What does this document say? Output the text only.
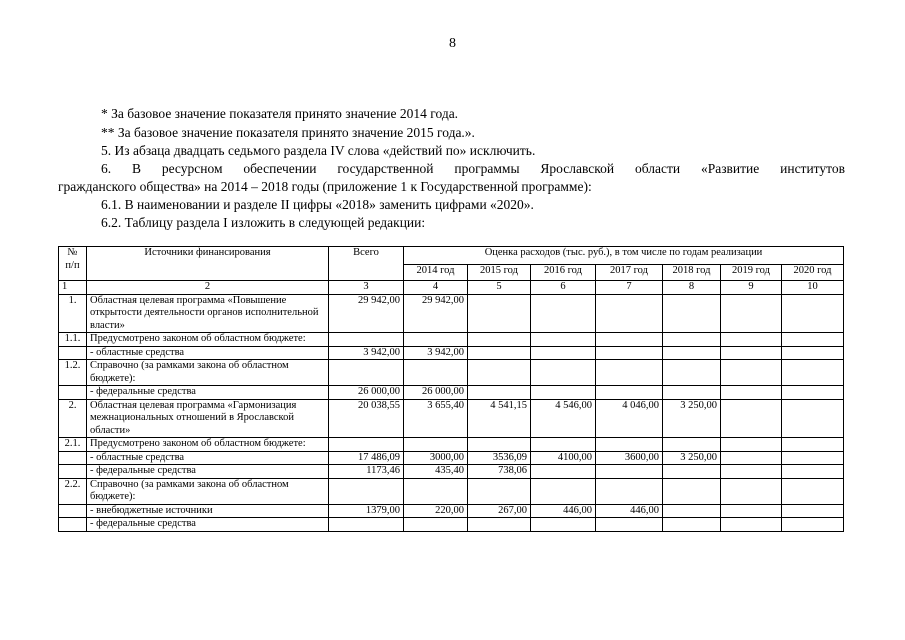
8
* За базовое значение показателя принято значение 2014 года.
** За базовое значение показателя принято значение 2015 года.».
5. Из абзаца двадцать седьмого раздела IV слова «действий по» исключить.
6. В ресурсном обеспечении государственной программы Ярославской области «Развитие институтов
гражданского общества» на 2014 – 2018 годы (приложение 1 к Государственной программе):
6.1. В наименовании и разделе II цифры «2018» заменить цифрами «2020».
6.2. Таблицу раздела I изложить в следующей редакции:
№ п/п	Источники финансирования	Всего	Оценка расходов (тыс. руб.), в том числе по годам реализации						
			2014 год	2015 год	2016 год	2017 год	2018 год	2019 год	2020 год
1	2	3	4	5	6	7	8	9	10
1.	Областная целевая программа «Повышение открытости деятельности органов исполнительной власти»	29 942,00	29 942,00						
1.1.	Предусмотрено законом об областном бюджете:								
	- областные средства	3 942,00	3 942,00						
1.2.	Справочно (за рамками закона об областном бюджете):								
	- федеральные средства	26 000,00	26 000,00						
2.	Областная целевая программа «Гармонизация межнациональных отношений в Ярославской области»	20 038,55	3 655,40	4 541,15	4 546,00	4 046,00	3 250,00		
2.1.	Предусмотрено законом об областном бюджете:								
	- областные средства	17 486,09	3000,00	3536,09	4100,00	3600,00	3 250,00		
	- федеральные средства	1173,46	435,40	738,06					
2.2.	Справочно (за рамками закона об областном бюджете):								
	- внебюджетные источники	1379,00	220,00	267,00	446,00	446,00			
	- федеральные средства								
